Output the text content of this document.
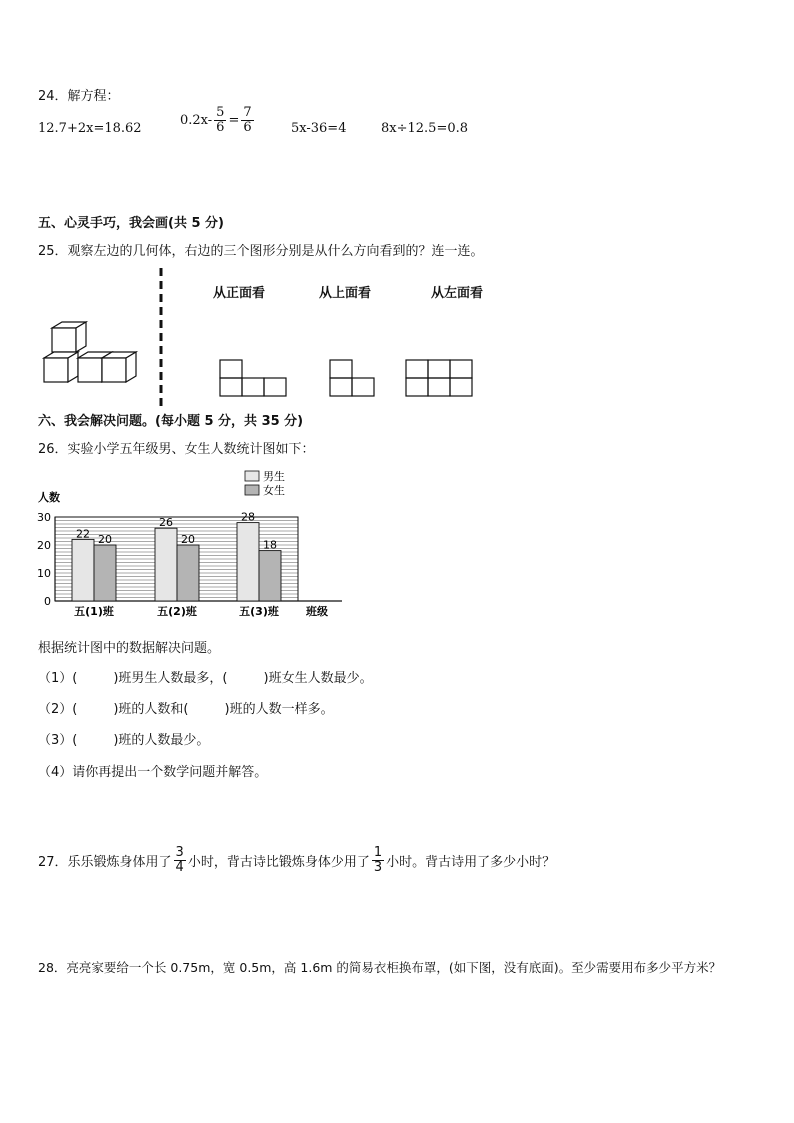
24．解方程：
12.7+2x=18.62
$0.2x- \frac{5}{6} = \frac{7}{6}$	5x-36=4	8x÷12.5=0.8
五、心灵手巧，我会画(共 5 分)
25．观察左边的几何体，右边的三个图形分别是从什么方向看到的？连一连。
从正面看	从上面看	从左面看
六、我会解决问题。(每小题 5 分，共 35 分)
26．实验小学五年级男、女生人数统计图如下：
0
10
20
30
人数
22 20
五(1)班
26
20
五(2)班
28
18
五(3)班 班级
男生
女生
根据统计图中的数据解决问题。
（1）(	)班男生人数最多，(	)班女生人数最少。
（2）(	)班的人数和(	)班的人数一样多。
（3）(	)班的人数最少。
（4）请你再提出一个数学问题并解答。
27．乐乐锻炼身体用了 $\frac{3}{4}$ 小时，背古诗比锻炼身体少用了 $\frac{1}{3}$ 小时。背古诗用了多少小时？
28．亮亮家要给一个长 0.75m，宽 0.5m，高 1.6m 的简易衣柜换布罩，(如下图，没有底面)。至少需要用布多少平方米？
